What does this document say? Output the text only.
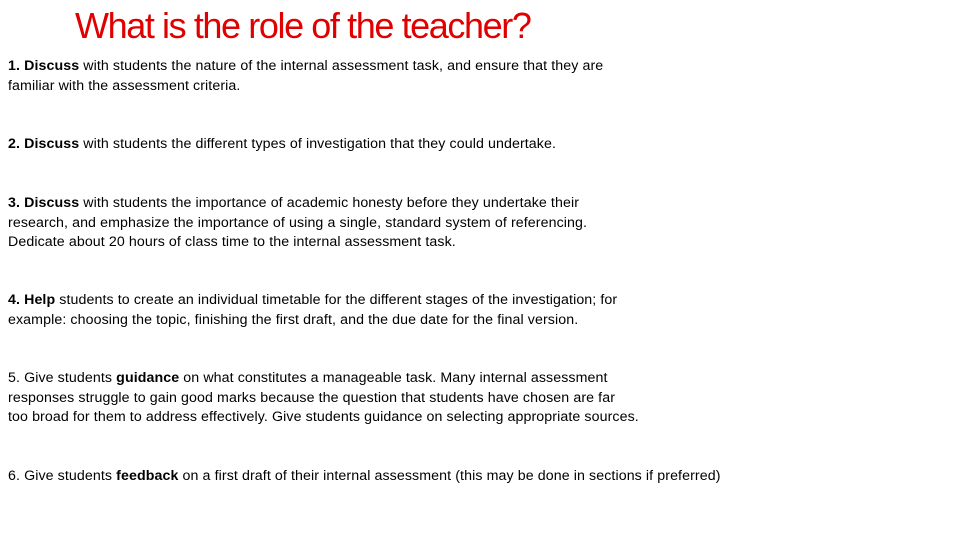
What is the role of the teacher?

1. Discuss with students the nature of the internal assessment task, and ensure that they are
familiar with the assessment criteria.

2. Discuss with students the different types of investigation that they could undertake.

3. Discuss with students the importance of academic honesty before they undertake their
research, and emphasize the importance of using a single, standard system of referencing.
Dedicate about 20 hours of class time to the internal assessment task.

4. Help students to create an individual timetable for the different stages of the investigation; for
example: choosing the topic, finishing the first draft, and the due date for the final version.

5. Give students guidance on what constitutes a manageable task. Many internal assessment
responses struggle to gain good marks because the question that students have chosen are far
too broad for them to address effectively. Give students guidance on selecting appropriate sources.

6. Give students feedback on a first draft of their internal assessment (this may be done in sections if preferred)
